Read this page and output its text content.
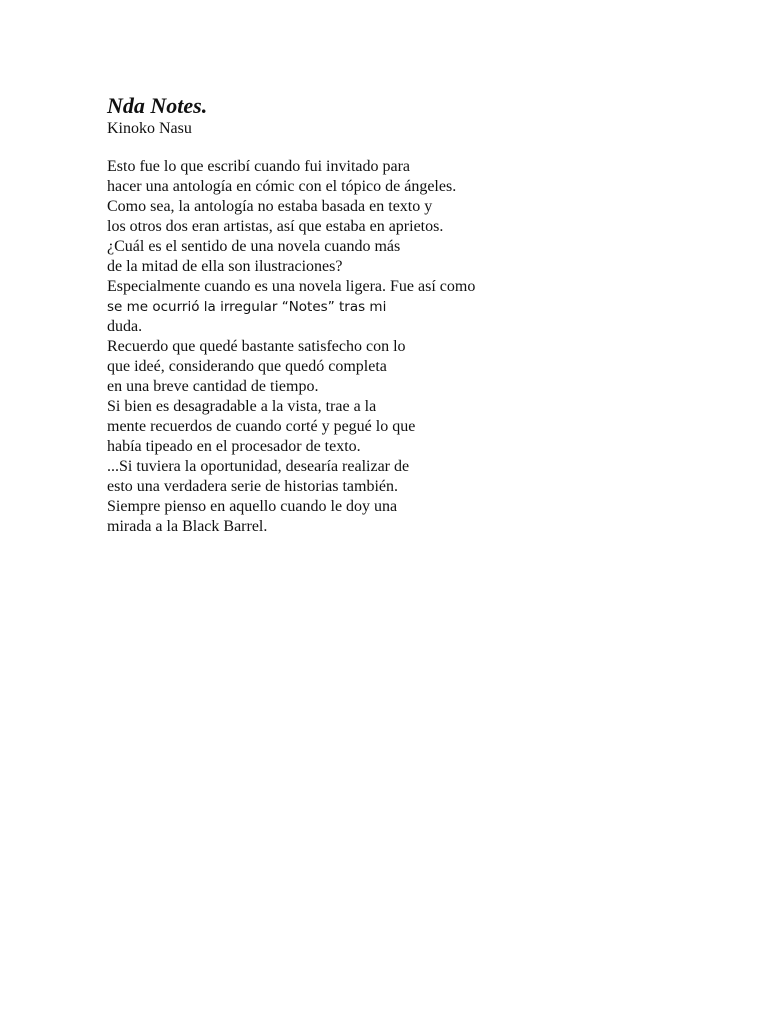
Nda Notes.

Kinoko Nasu

Esto fue lo que escribí cuando fui invitado para
hacer una antología en cómic con el tópico de ángeles.
Como sea, la antología no estaba basada en texto y
los otros dos eran artistas, así que estaba en aprietos.
¿Cuál es el sentido de una novela cuando más
de la mitad de ella son ilustraciones?
Especialmente cuando es una novela ligera. Fue así como
se me ocurrió la irregular “Notes” tras mi
duda.
Recuerdo que quedé bastante satisfecho con lo
que ideé, considerando que quedó completa
en una breve cantidad de tiempo.
Si bien es desagradable a la vista, trae a la
mente recuerdos de cuando corté y pegué lo que
había tipeado en el procesador de texto.
...Si tuviera la oportunidad, desearía realizar de
esto una verdadera serie de historias también.
Siempre pienso en aquello cuando le doy una
mirada a la Black Barrel.
